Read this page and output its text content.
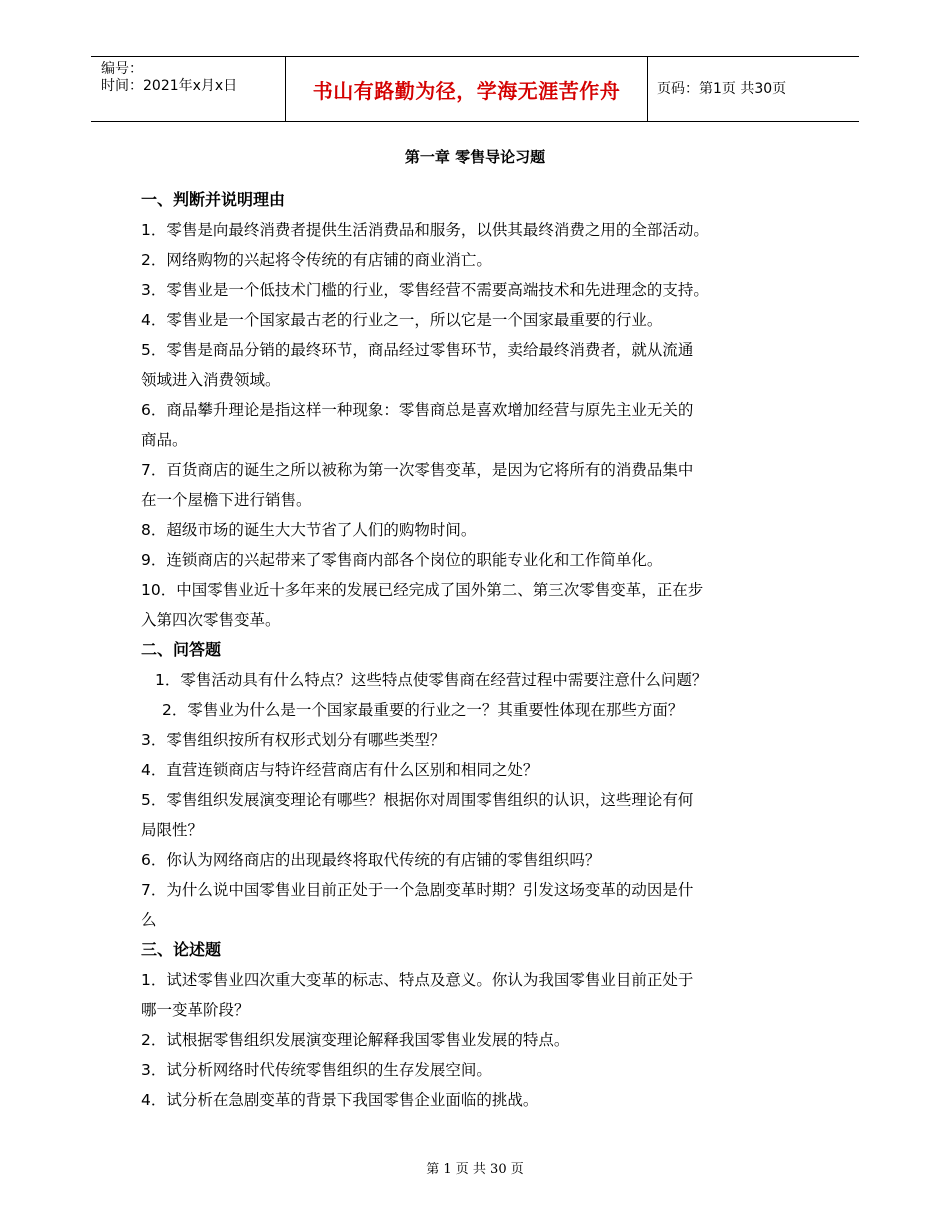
编号：
时间：2021年x月x日	书山有路勤为径，学海无涯苦作舟	页码：第1页 共30页
第一章 零售导论习题
一、判断并说明理由
1．零售是向最终消费者提供生活消费品和服务，以供其最终消费之用的全部活动。
2．网络购物的兴起将令传统的有店铺的商业消亡。
3．零售业是一个低技术门槛的行业，零售经营不需要高端技术和先进理念的支持。
4．零售业是一个国家最古老的行业之一，所以它是一个国家最重要的行业。
5．零售是商品分销的最终环节，商品经过零售环节，卖给最终消费者，就从流通
领域进入消费领域。
6．商品攀升理论是指这样一种现象：零售商总是喜欢增加经营与原先主业无关的
商品。
7．百货商店的诞生之所以被称为第一次零售变革，是因为它将所有的消费品集中
在一个屋檐下进行销售。
8．超级市场的诞生大大节省了人们的购物时间。
9．连锁商店的兴起带来了零售商内部各个岗位的职能专业化和工作简单化。
10．中国零售业近十多年来的发展已经完成了国外第二、第三次零售变革，正在步
入第四次零售变革。
二、问答题
1．零售活动具有什么特点？这些特点使零售商在经营过程中需要注意什么问题？
2．零售业为什么是一个国家最重要的行业之一？其重要性体现在那些方面？
3．零售组织按所有权形式划分有哪些类型？
4．直营连锁商店与特许经营商店有什么区别和相同之处？
5．零售组织发展演变理论有哪些？根据你对周围零售组织的认识，这些理论有何
局限性？
6．你认为网络商店的出现最终将取代传统的有店铺的零售组织吗？
7．为什么说中国零售业目前正处于一个急剧变革时期？引发这场变革的动因是什
么
三、论述题
1．试述零售业四次重大变革的标志、特点及意义。你认为我国零售业目前正处于
哪一变革阶段？
2．试根据零售组织发展演变理论解释我国零售业发展的特点。
3．试分析网络时代传统零售组织的生存发展空间。
4．试分析在急剧变革的背景下我国零售企业面临的挑战。
第 1 页 共 30 页
